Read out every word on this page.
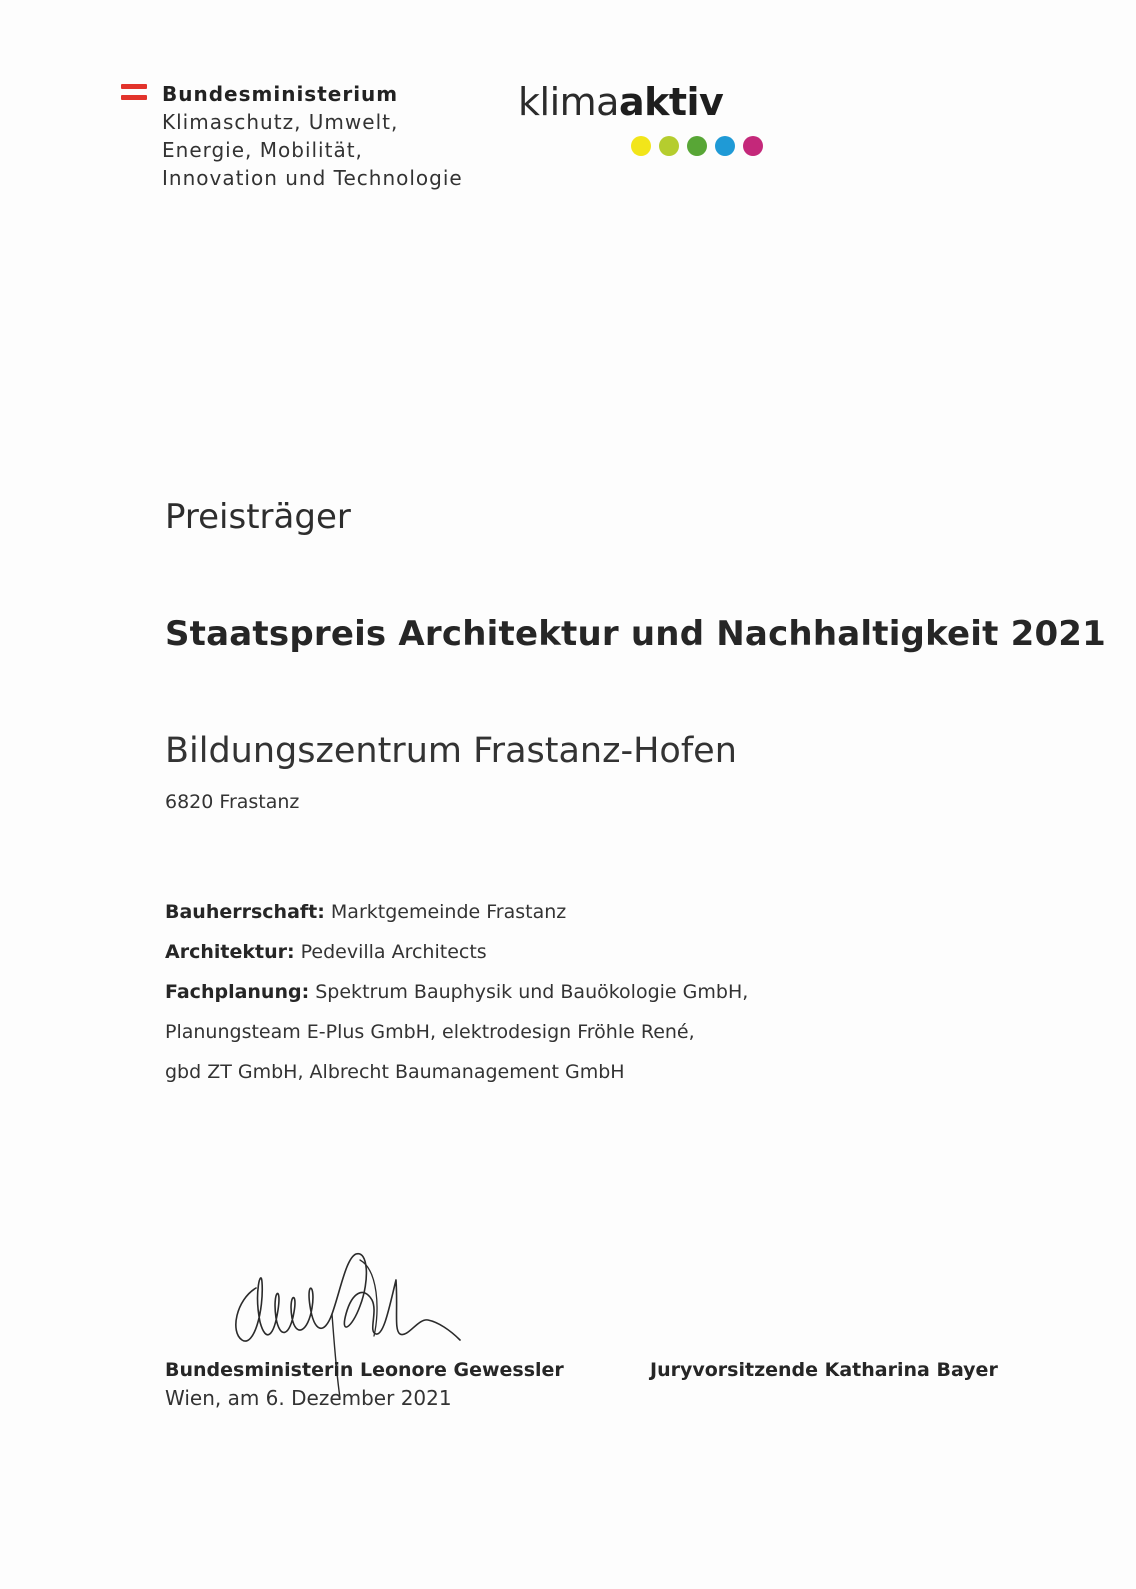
Bundesministerium
Klimaschutz, Umwelt,
Energie, Mobilität,
Innovation und Technologie
klimaaktiv
Preisträger
Staatspreis Architektur und Nachhaltigkeit 2021
Bildungszentrum Frastanz-Hofen
6820 Frastanz
Bauherrschaft: Marktgemeinde Frastanz
Architektur: Pedevilla Architects
Fachplanung: Spektrum Bauphysik und Bauökologie GmbH,
Planungsteam E-Plus GmbH, elektrodesign Fröhle René,
gbd ZT GmbH, Albrecht Baumanagement GmbH
Bundesministerin Leonore Gewessler
Wien, am 6. Dezember 2021
Juryvorsitzende Katharina Bayer
